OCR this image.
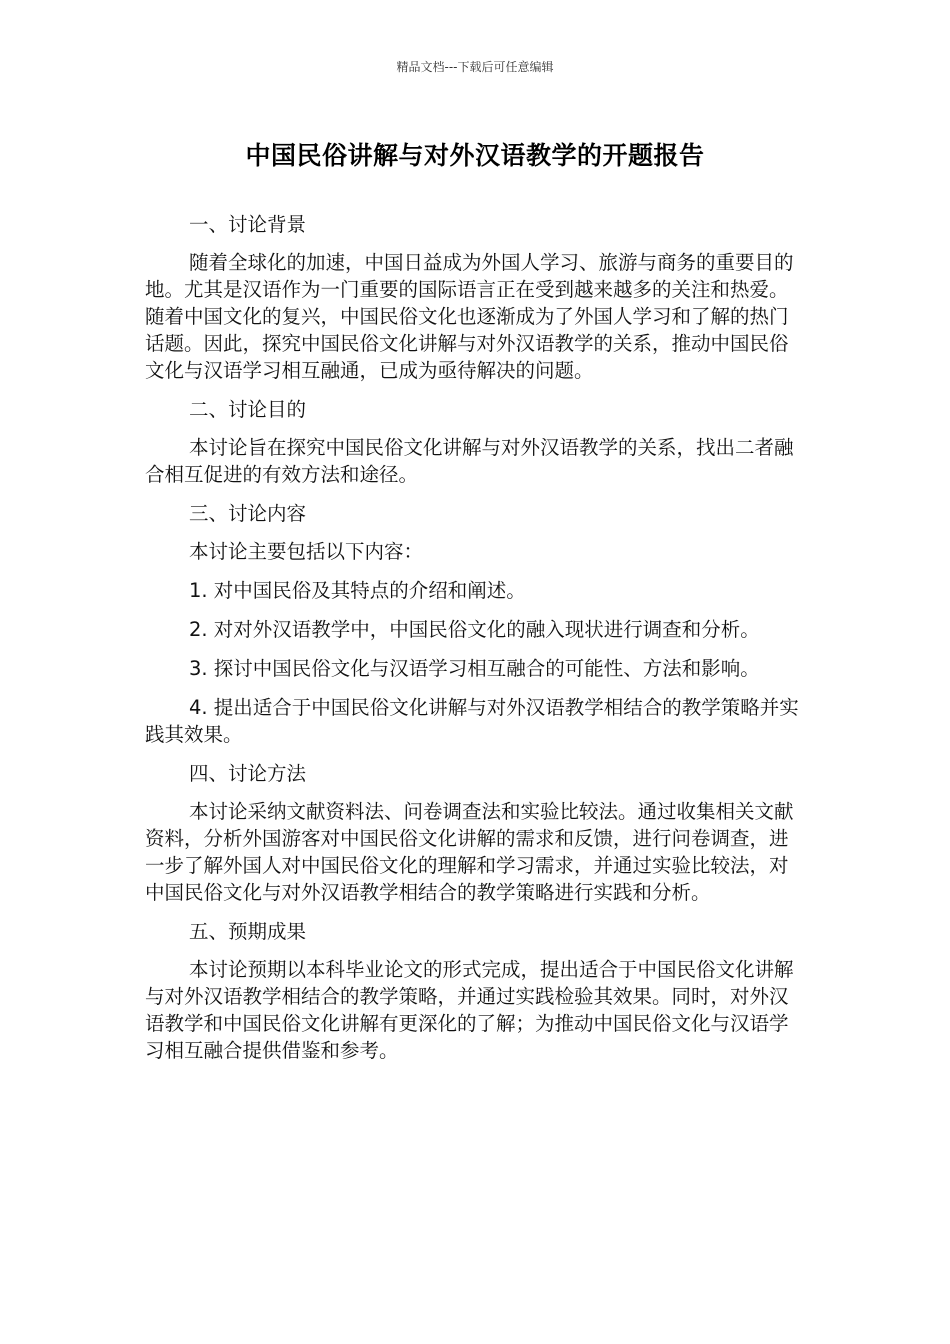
精品文档---下载后可任意编辑
中国民俗讲解与对外汉语教学的开题报告

一、讨论背景

随着全球化的加速，中国日益成为外国人学习、旅游与商务的重要目的地。尤其是汉语作为一门重要的国际语言正在受到越来越多的关注和热爱。随着中国文化的复兴，中国民俗文化也逐渐成为了外国人学习和了解的热门话题。因此，探究中国民俗文化讲解与对外汉语教学的关系，推动中国民俗文化与汉语学习相互融通，已成为亟待解决的问题。

二、讨论目的

本讨论旨在探究中国民俗文化讲解与对外汉语教学的关系，找出二者融合相互促进的有效方法和途径。

三、讨论内容

本讨论主要包括以下内容：

1. 对中国民俗及其特点的介绍和阐述。

2. 对对外汉语教学中，中国民俗文化的融入现状进行调查和分析。

3. 探讨中国民俗文化与汉语学习相互融合的可能性、方法和影响。

4. 提出适合于中国民俗文化讲解与对外汉语教学相结合的教学策略并实践其效果。

四、讨论方法

本讨论采纳文献资料法、问卷调查法和实验比较法。通过收集相关文献资料，分析外国游客对中国民俗文化讲解的需求和反馈，进行问卷调查，进一步了解外国人对中国民俗文化的理解和学习需求，并通过实验比较法，对中国民俗文化与对外汉语教学相结合的教学策略进行实践和分析。

五、预期成果

本讨论预期以本科毕业论文的形式完成，提出适合于中国民俗文化讲解与对外汉语教学相结合的教学策略，并通过实践检验其效果。同时，对外汉语教学和中国民俗文化讲解有更深化的了解；为推动中国民俗文化与汉语学习相互融合提供借鉴和参考。
